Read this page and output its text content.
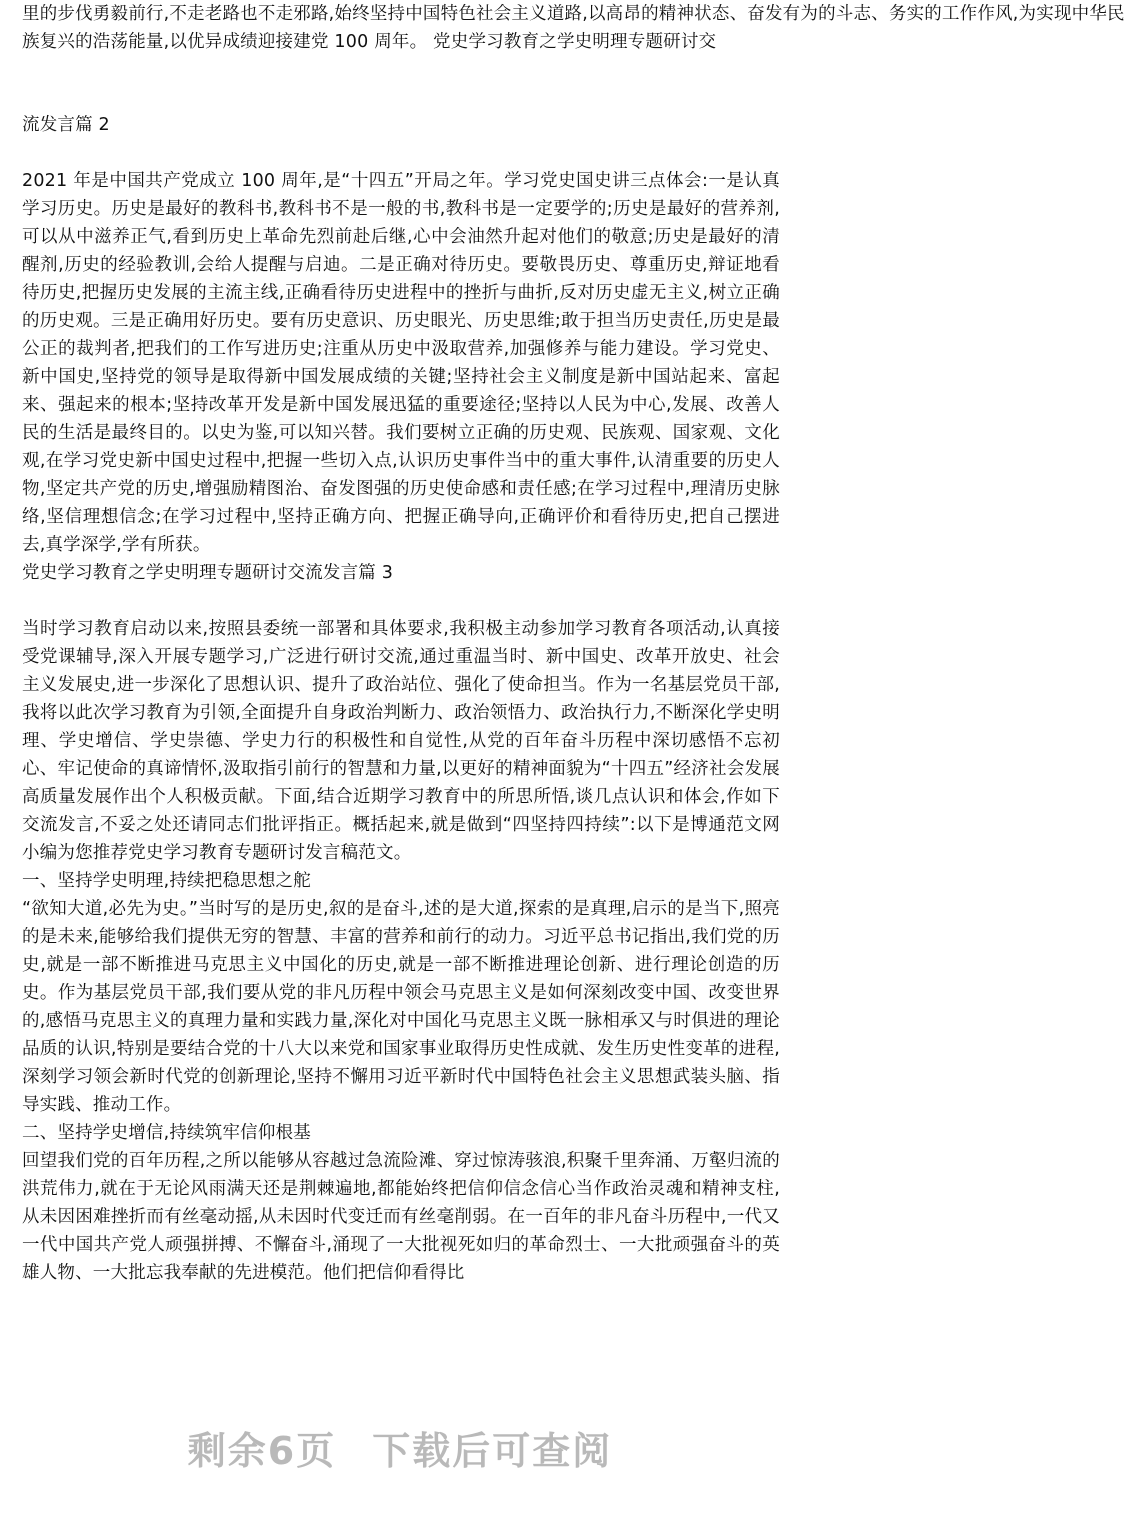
里的步伐勇毅前行,不走老路也不走邪路,始终坚持中国特色社会主义道路,以高昂的精神状态、奋发有为的斗志、务实的工作作风,为实现中华民

族复兴的浩荡能量,以优异成绩迎接建党 100 周年。 党史学习教育之学史明理专题研讨交

流发言篇 2

2021 年是中国共产党成立 100 周年,是“十四五”开局之年。学习党史国史讲三点体会:一是认真学习历史。历史是最好的教科书,教科书不是一般的书,教科书是一定要学的;历史是最好的营养剂,可以从中滋养正气,看到历史上革命先烈前赴后继,心中会油然升起对他们的敬意;历史是最好的清醒剂,历史的经验教训,会给人提醒与启迪。二是正确对待历史。要敬畏历史、尊重历史,辩证地看待历史,把握历史发展的主流主线,正确看待历史进程中的挫折与曲折,反对历史虚无主义,树立正确的历史观。三是正确用好历史。要有历史意识、历史眼光、历史思维;敢于担当历史责任,历史是最公正的裁判者,把我们的工作写进历史;注重从历史中汲取营养,加强修养与能力建设。学习党史、新中国史,坚持党的领导是取得新中国发展成绩的关键;坚持社会主义制度是新中国站起来、富起来、强起来的根本;坚持改革开发是新中国发展迅猛的重要途径;坚持以人民为中心,发展、改善人民的生活是最终目的。以史为鉴,可以知兴替。我们要树立正确的历史观、民族观、国家观、文化观,在学习党史新中国史过程中,把握一些切入点,认识历史事件当中的重大事件,认清重要的历史人物,坚定共产党的历史,增强励精图治、奋发图强的历史使命感和责任感;在学习过程中,理清历史脉络,坚信理想信念;在学习过程中,坚持正确方向、把握正确导向,正确评价和看待历史,把自己摆进去,真学深学,学有所获。

党史学习教育之学史明理专题研讨交流发言篇 3

当时学习教育启动以来,按照县委统一部署和具体要求,我积极主动参加学习教育各项活动,认真接受党课辅导,深入开展专题学习,广泛进行研讨交流,通过重温当时、新中国史、改革开放史、社会主义发展史,进一步深化了思想认识、提升了政治站位、强化了使命担当。作为一名基层党员干部,我将以此次学习教育为引领,全面提升自身政治判断力、政治领悟力、政治执行力,不断深化学史明理、学史增信、学史崇德、学史力行的积极性和自觉性,从党的百年奋斗历程中深切感悟不忘初心、牢记使命的真谛情怀,汲取指引前行的智慧和力量,以更好的精神面貌为“十四五”经济社会发展高质量发展作出个人积极贡献。下面,结合近期学习教育中的所思所悟,谈几点认识和体会,作如下交流发言,不妥之处还请同志们批评指正。概括起来,就是做到“四坚持四持续”:以下是博通范文网小编为您推荐党史学习教育专题研讨发言稿范文。

一、坚持学史明理,持续把稳思想之舵

“欲知大道,必先为史。”当时写的是历史,叙的是奋斗,述的是大道,探索的是真理,启示的是当下,照亮的是未来,能够给我们提供无穷的智慧、丰富的营养和前行的动力。习近平总书记指出,我们党的历史,就是一部不断推进马克思主义中国化的历史,就是一部不断推进理论创新、进行理论创造的历史。作为基层党员干部,我们要从党的非凡历程中领会马克思主义是如何深刻改变中国、改变世界的,感悟马克思主义的真理力量和实践力量,深化对中国化马克思主义既一脉相承又与时俱进的理论品质的认识,特别是要结合党的十八大以来党和国家事业取得历史性成就、发生历史性变革的进程,深刻学习领会新时代党的创新理论,坚持不懈用习近平新时代中国特色社会主义思想武装头脑、指导实践、推动工作。

二、坚持学史增信,持续筑牢信仰根基

回望我们党的百年历程,之所以能够从容越过急流险滩、穿过惊涛骇浪,积聚千里奔涌、万壑归流的洪荒伟力,就在于无论风雨满天还是荆棘遍地,都能始终把信仰信念信心当作政治灵魂和精神支柱,从未因困难挫折而有丝毫动摇,从未因时代变迁而有丝毫削弱。在一百年的非凡奋斗历程中,一代又一代中国共产党人顽强拼搏、不懈奋斗,涌现了一大批视死如归的革命烈士、一大批顽强奋斗的英雄人物、一大批忘我奉献的先进模范。他们把信仰看得比

剩余6页 下载后可查阅
